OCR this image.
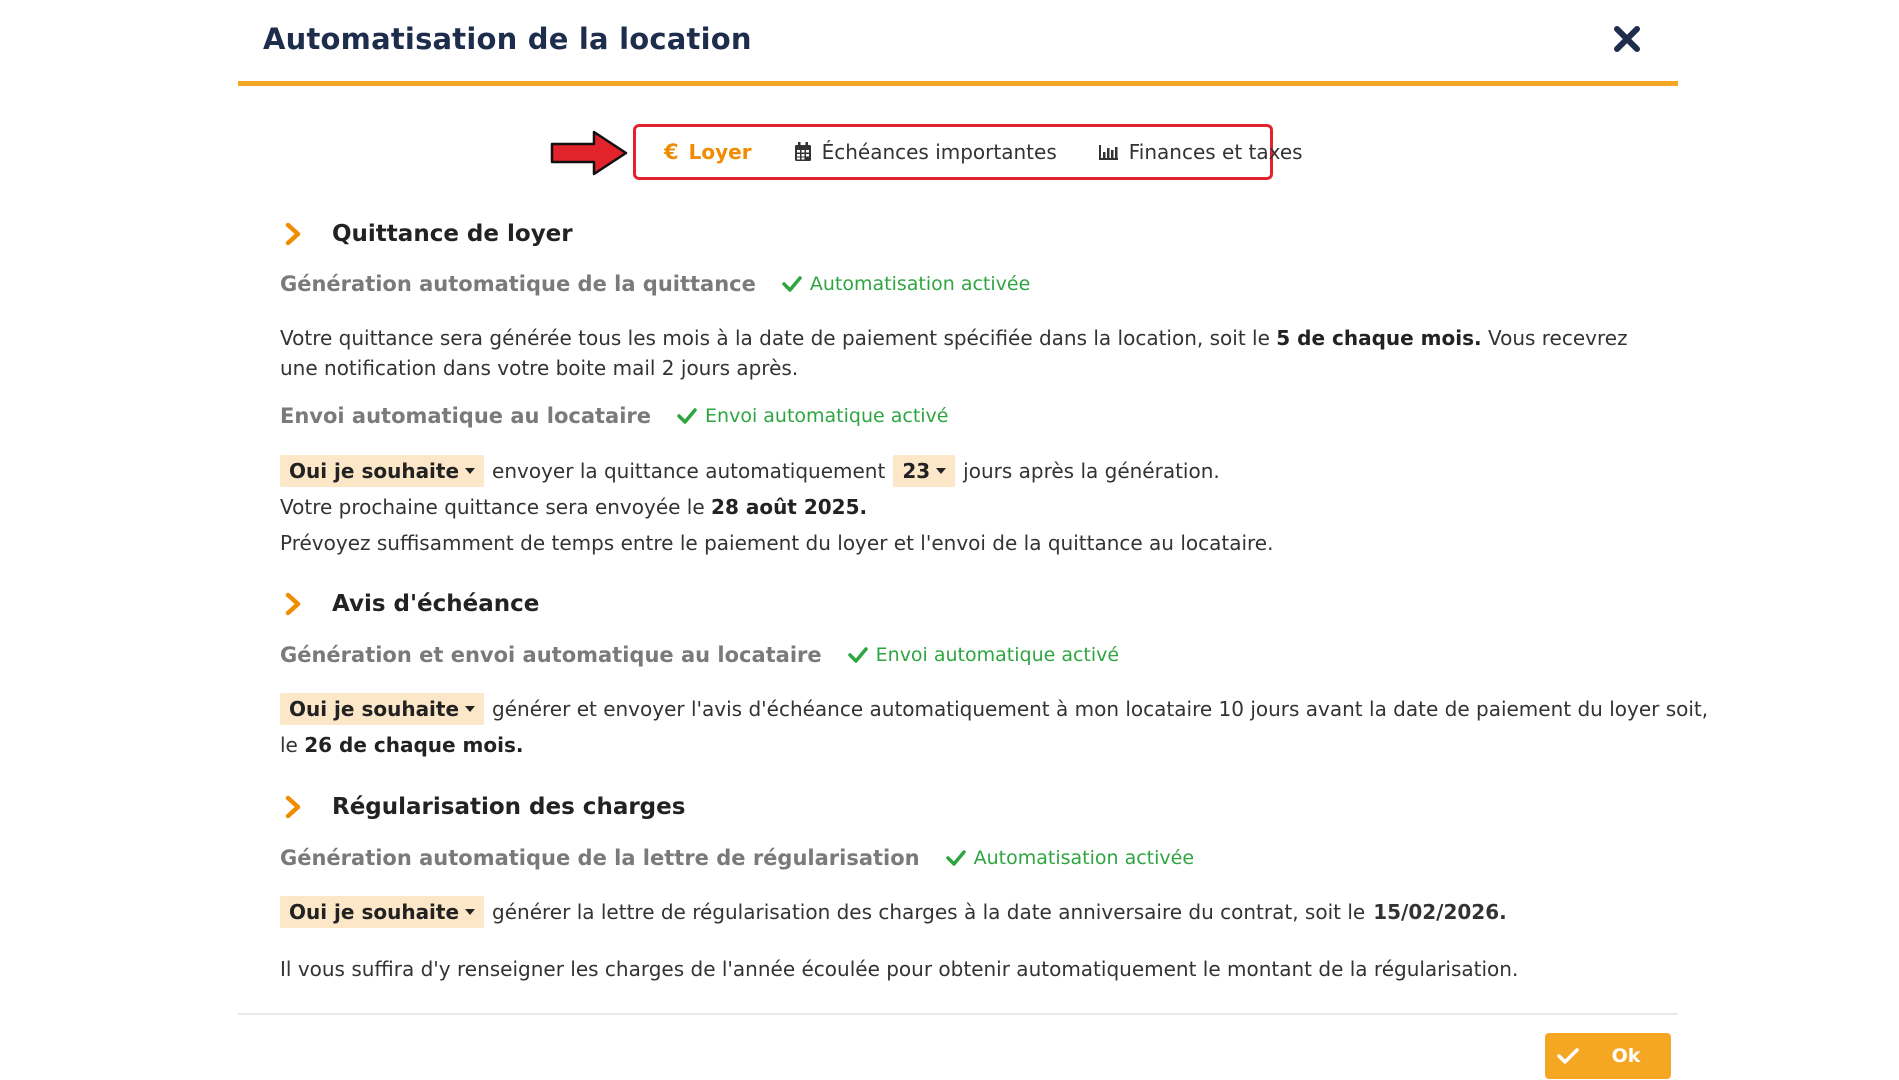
Automatisation de la location
€ Loyer	Échéances importantes	Finances et taxes
Quittance de loyer
Génération automatique de la quittance	Automatisation activée
Votre quittance sera générée tous les mois à la date de paiement spécifiée dans la location, soit le 5 de chaque mois. Vous recevrez une notification dans votre boite mail 2 jours après.
Envoi automatique au locataire	Envoi automatique activé
Oui je souhaite envoyer la quittance automatiquement 23 jours après la génération.
Votre prochaine quittance sera envoyée le 28 août 2025.
Prévoyez suffisamment de temps entre le paiement du loyer et l'envoi de la quittance au locataire.
Avis d'échéance
Génération et envoi automatique au locataire	Envoi automatique activé
Oui je souhaite générer et envoyer l'avis d'échéance automatiquement à mon locataire 10 jours avant la date de paiement du loyer soit,
le 26 de chaque mois.
Régularisation des charges
Génération automatique de la lettre de régularisation	Automatisation activée
Oui je souhaite générer la lettre de régularisation des charges à la date anniversaire du contrat, soit le 15/02/2026.
Il vous suffira d'y renseigner les charges de l'année écoulée pour obtenir automatiquement le montant de la régularisation.
Ok
